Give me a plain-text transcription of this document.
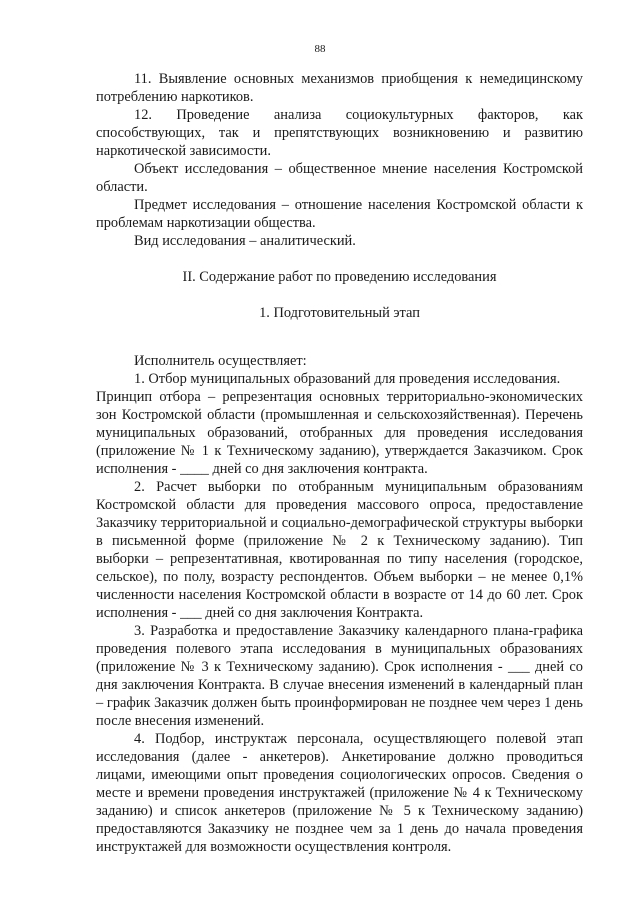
88

11. Выявление основных механизмов приобщения к немедицинскому потреблению наркотиков.

12. Проведение анализа социокультурных факторов, как способствующих, так и препятствующих возникновению и развитию наркотической зависимости.

Объект исследования – общественное мнение населения Костромской области.

Предмет исследования – отношение населения Костромской области к проблемам наркотизации общества.

Вид исследования – аналитический.

II. Содержание работ по проведению исследования

1. Подготовительный этап

Исполнитель осуществляет:

1. Отбор муниципальных образований для проведения исследования.

Принцип отбора – репрезентация основных территориально-экономических зон Костромской области (промышленная и сельскохозяйственная). Перечень муниципальных образований, отобранных для проведения исследования (приложение № 1 к Техническому заданию), утверждается Заказчиком. Срок исполнения - ____ дней со дня заключения контракта.

2. Расчет выборки по отобранным муниципальным образованиям Костромской области для проведения массового опроса, предоставление Заказчику территориальной и социально-демографической структуры выборки в письменной форме (приложение № 2 к Техническому заданию). Тип выборки – репрезентативная, квотированная по типу населения (городское, сельское), по полу, возрасту респондентов. Объем выборки – не менее 0,1% численности населения Костромской области в возрасте от 14 до 60 лет. Срок исполнения - ___ дней со дня заключения Контракта.

3. Разработка и предоставление Заказчику календарного плана-графика проведения полевого этапа исследования в муниципальных образованиях (приложение № 3 к Техническому заданию). Срок исполнения - ___ дней со дня заключения Контракта. В случае внесения изменений в календарный план – график Заказчик должен быть проинформирован не позднее чем через 1 день после внесения изменений.

4. Подбор, инструктаж персонала, осуществляющего полевой этап исследования (далее - анкетеров). Анкетирование должно проводиться лицами, имеющими опыт проведения социологических опросов. Сведения о месте и времени проведения инструктажей (приложение № 4 к Техническому заданию) и список анкетеров (приложение № 5 к Техническому заданию) предоставляются Заказчику не позднее чем за 1 день до начала проведения инструктажей для возможности осуществления контроля.
